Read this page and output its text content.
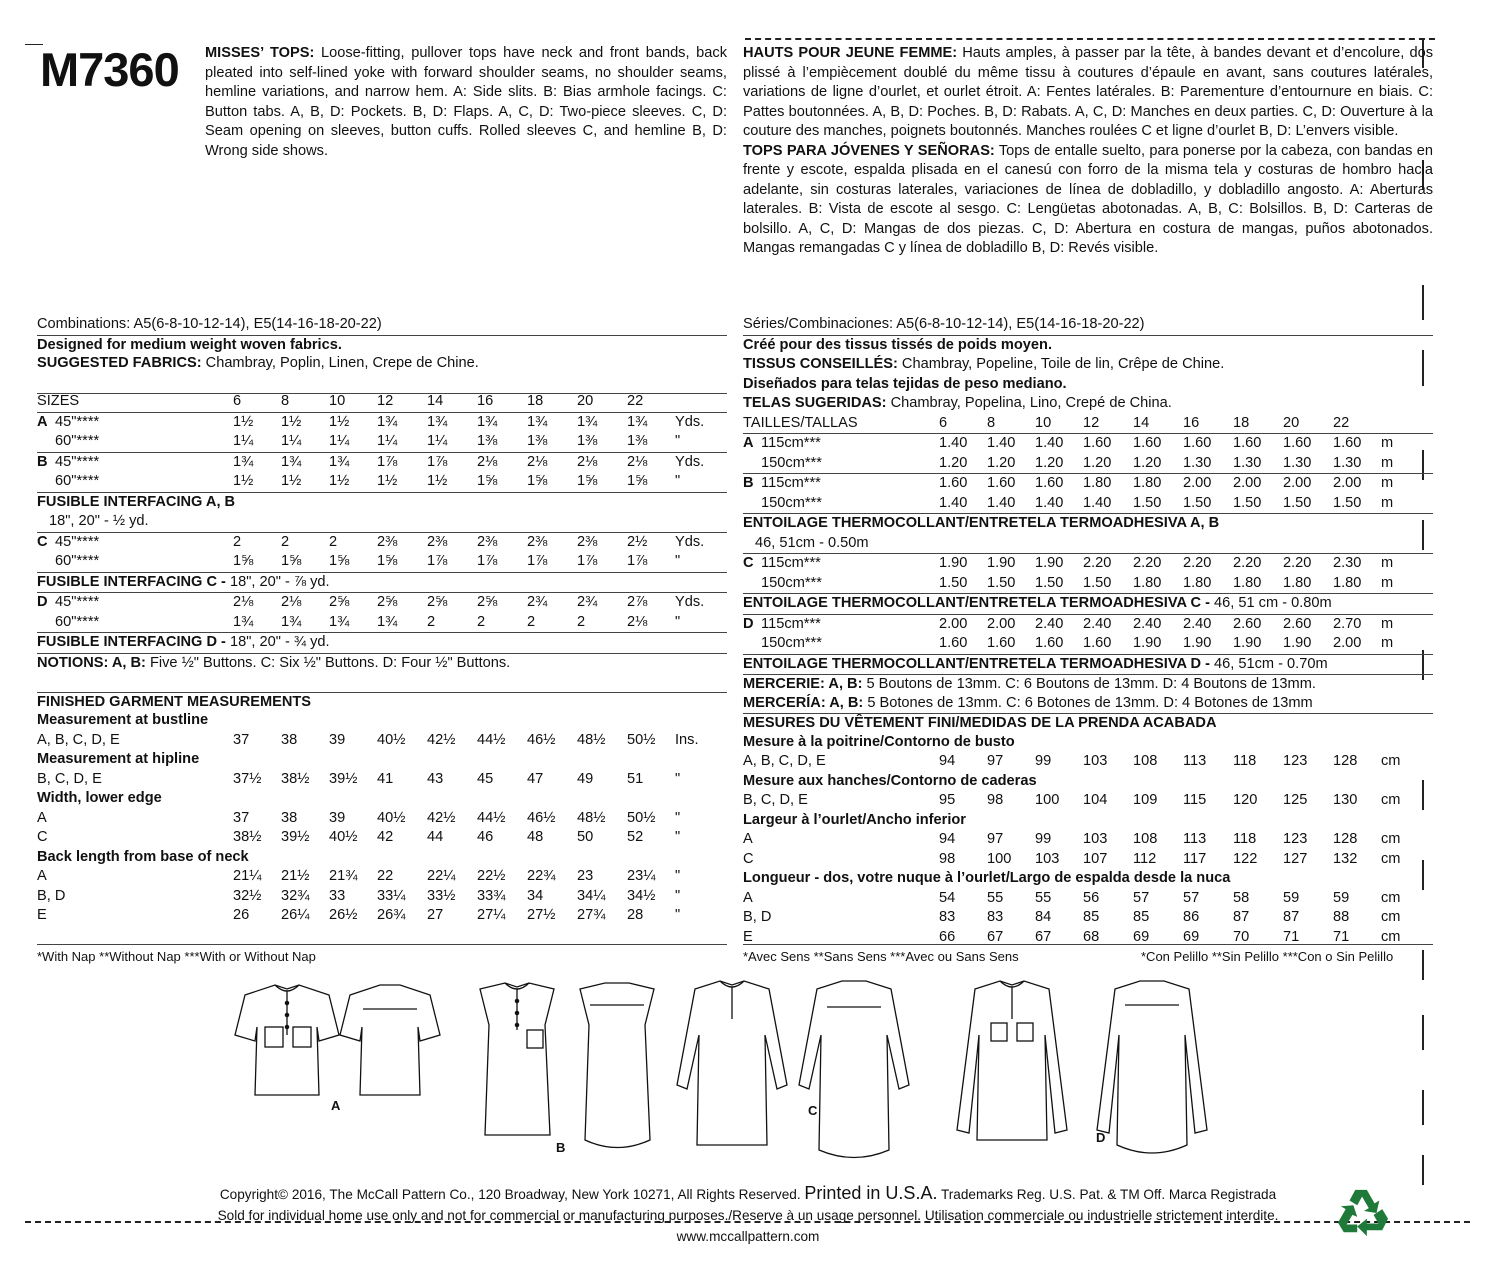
M7360 MISSES’ TOPS: Loose-fitting, pullover tops have neck and front bands, back pleated into self-lined yoke with forward shoulder seams, no shoulder seams, hemline variations, and narrow hem. A: Side slits. B: Bias armhole facings. C: Button tabs. A, B, D: Pockets. B, D: Flaps. A, C, D: Two-piece sleeves. C, D: Seam opening on sleeves, button cuffs. Rolled sleeves C, and hemline B, D: Wrong side shows.
HAUTS POUR JEUNE FEMME: Hauts amples, à passer par la tête, à bandes devant et d’encolure, dos plissé à l’empiècement doublé du même tissu à coutures d’épaule en avant, sans coutures latérales, variations de ligne d’ourlet, et ourlet étroit. A: Fentes latérales. B: Parementure d’entournure en biais. C: Pattes boutonnées. A, B, D: Poches. B, D: Rabats. A, C, D: Manches en deux parties. C, D: Ouverture à la couture des manches, poignets boutonnés. Manches roulées C et ligne d’ourlet B, D: L’envers visible.
TOPS PARA JÓVENES Y SEÑORAS: Tops de entalle suelto, para ponerse por la cabeza, con bandas en frente y escote, espalda plisada en el canesú con forro de la misma tela y costuras de hombro hacia adelante, sin costuras laterales, variaciones de línea de dobladillo, y dobladillo angosto. A: Aberturas laterales. B: Vista de escote al sesgo. C: Lengüetas abotonadas. A, B, C: Bolsillos. B, D: Carteras de bolsillo. A, C, D: Mangas de dos piezas. C, D: Abertura en costura de mangas, puños abotonados. Mangas remangadas C y línea de dobladillo B, D: Revés visible.
Combinations: A5(6-8-10-12-14), E5(14-16-18-20-22)
Designed for medium weight woven fabrics.
SUGGESTED FABRICS: Chambray, Poplin, Linen, Crepe de Chine.
SIZES	6	8	10	12	14	16	18	20	22	
A 45"****	1½	1½	1½	1¾	1¾	1¾	1¾	1¾	1¾	Yds.
60"****	1¼	1¼	1¼	1¼	1¼	1⅜	1⅜	1⅜	1⅜	"
B 45"****	1¾	1¾	1¾	1⅞	1⅞	2⅛	2⅛	2⅛	2⅛	Yds.
60"****	1½	1½	1½	1½	1½	1⅝	1⅝	1⅝	1⅝	"
FUSIBLE INTERFACING A, B										
18", 20" - ½ yd.										
C 45"****	2	2	2	2⅜	2⅜	2⅜	2⅜	2⅜	2½	Yds.
60"****	1⅝	1⅝	1⅝	1⅝	1⅞	1⅞	1⅞	1⅞	1⅞	"
FUSIBLE INTERFACING C - 18", 20" - ⅞ yd.										
D 45"****	2⅛	2⅛	2⅝	2⅝	2⅝	2⅝	2¾	2¾	2⅞	Yds.
60"****	1¾	1¾	1¾	1¾	2	2	2	2	2⅛	"
FUSIBLE INTERFACING D - 18", 20" - ¾ yd.										
NOTIONS: A, B: Five ½" Buttons. C: Six ½" Buttons. D: Four ½" Buttons.
FINISHED GARMENT MEASUREMENTS
Measurement at bustline										
A, B, C, D, E	37	38	39	40½	42½	44½	46½	48½	50½	Ins.
Measurement at hipline										
B, C, D, E	37½	38½	39½	41	43	45	47	49	51	"
Width, lower edge										
A	37	38	39	40½	42½	44½	46½	48½	50½	"
C	38½	39½	40½	42	44	46	48	50	52	"
Back length from base of neck										
A	21¼	21½	21¾	22	22¼	22½	22¾	23	23¼	"
B, D	32½	32¾	33	33¼	33½	33¾	34	34¼	34½	"
E	26	26¼	26½	26¾	27	27¼	27½	27¾	28	"
Séries/Combinaciones: A5(6-8-10-12-14), E5(14-16-18-20-22)
Créé pour des tissus tissés de poids moyen.
TISSUS CONSEILLÉS: Chambray, Popeline, Toile de lin, Crêpe de Chine.
Diseñados para telas tejidas de peso mediano.
TELAS SUGERIDAS: Chambray, Popelina, Lino, Crepé de China.
TAILLES/TALLAS	6	8	10	12	14	16	18	20	22	
A 115cm***	1.40	1.40	1.40	1.60	1.60	1.60	1.60	1.60	1.60	m
150cm***	1.20	1.20	1.20	1.20	1.20	1.30	1.30	1.30	1.30	m
B 115cm***	1.60	1.60	1.60	1.80	1.80	2.00	2.00	2.00	2.00	m
150cm***	1.40	1.40	1.40	1.40	1.50	1.50	1.50	1.50	1.50	m
ENTOILAGE THERMOCOLLANT/ENTRETELA TERMOADHESIVA A, B										
46, 51cm - 0.50m										
C 115cm***	1.90	1.90	1.90	2.20	2.20	2.20	2.20	2.20	2.30	m
150cm***	1.50	1.50	1.50	1.50	1.80	1.80	1.80	1.80	1.80	m
ENTOILAGE THERMOCOLLANT/ENTRETELA TERMOADHESIVA C - 46, 51 cm - 0.80m										
D 115cm***	2.00	2.00	2.40	2.40	2.40	2.40	2.60	2.60	2.70	m
150cm***	1.60	1.60	1.60	1.60	1.90	1.90	1.90	1.90	2.00	m
ENTOILAGE THERMOCOLLANT/ENTRETELA TERMOADHESIVA D - 46, 51cm - 0.70m										
MERCERIE: A, B: 5 Boutons de 13mm. C: 6 Boutons de 13mm. D: 4 Boutons de 13mm.
MERCERÍA: A, B: 5 Botones de 13mm. C: 6 Botones de 13mm. D: 4 Botones de 13mm
MESURES DU VÊTEMENT FINI/MEDIDAS DE LA PRENDA ACABADA
Mesure à la poitrine/Contorno de busto										
A, B, C, D, E	94	97	99	103	108	113	118	123	128	cm
Mesure aux hanches/Contorno de caderas										
B, C, D, E	95	98	100	104	109	115	120	125	130	cm
Largeur à l’ourlet/Ancho inferior										
A	94	97	99	103	108	113	118	123	128	cm
C	98	100	103	107	112	117	122	127	132	cm
Longueur - dos, votre nuque à l’ourlet/Largo de espalda desde la nuca										
A	54	55	55	56	57	57	58	59	59	cm
B, D	83	83	84	85	85	86	87	87	88	cm
E	66	67	67	68	69	69	70	71	71	cm
*With Nap **Without Nap ***With or Without Nap	*Avec Sens **Sans Sens ***Avec ou Sans Sens	*Con Pelillo **Sin Pelillo ***Con o Sin Pelillo
A
B
C
D
Copyright© 2016, The McCall Pattern Co., 120 Broadway, New York 10271, All Rights Reserved. Printed in U.S.A. Trademarks Reg. U.S. Pat. & TM Off. Marca Registrada
Sold for individual home use only and not for commercial or manufacturing purposes./Reserve à un usage personnel. Utilisation commerciale ou industrielle strictement interdite.
www.mccallpattern.com
